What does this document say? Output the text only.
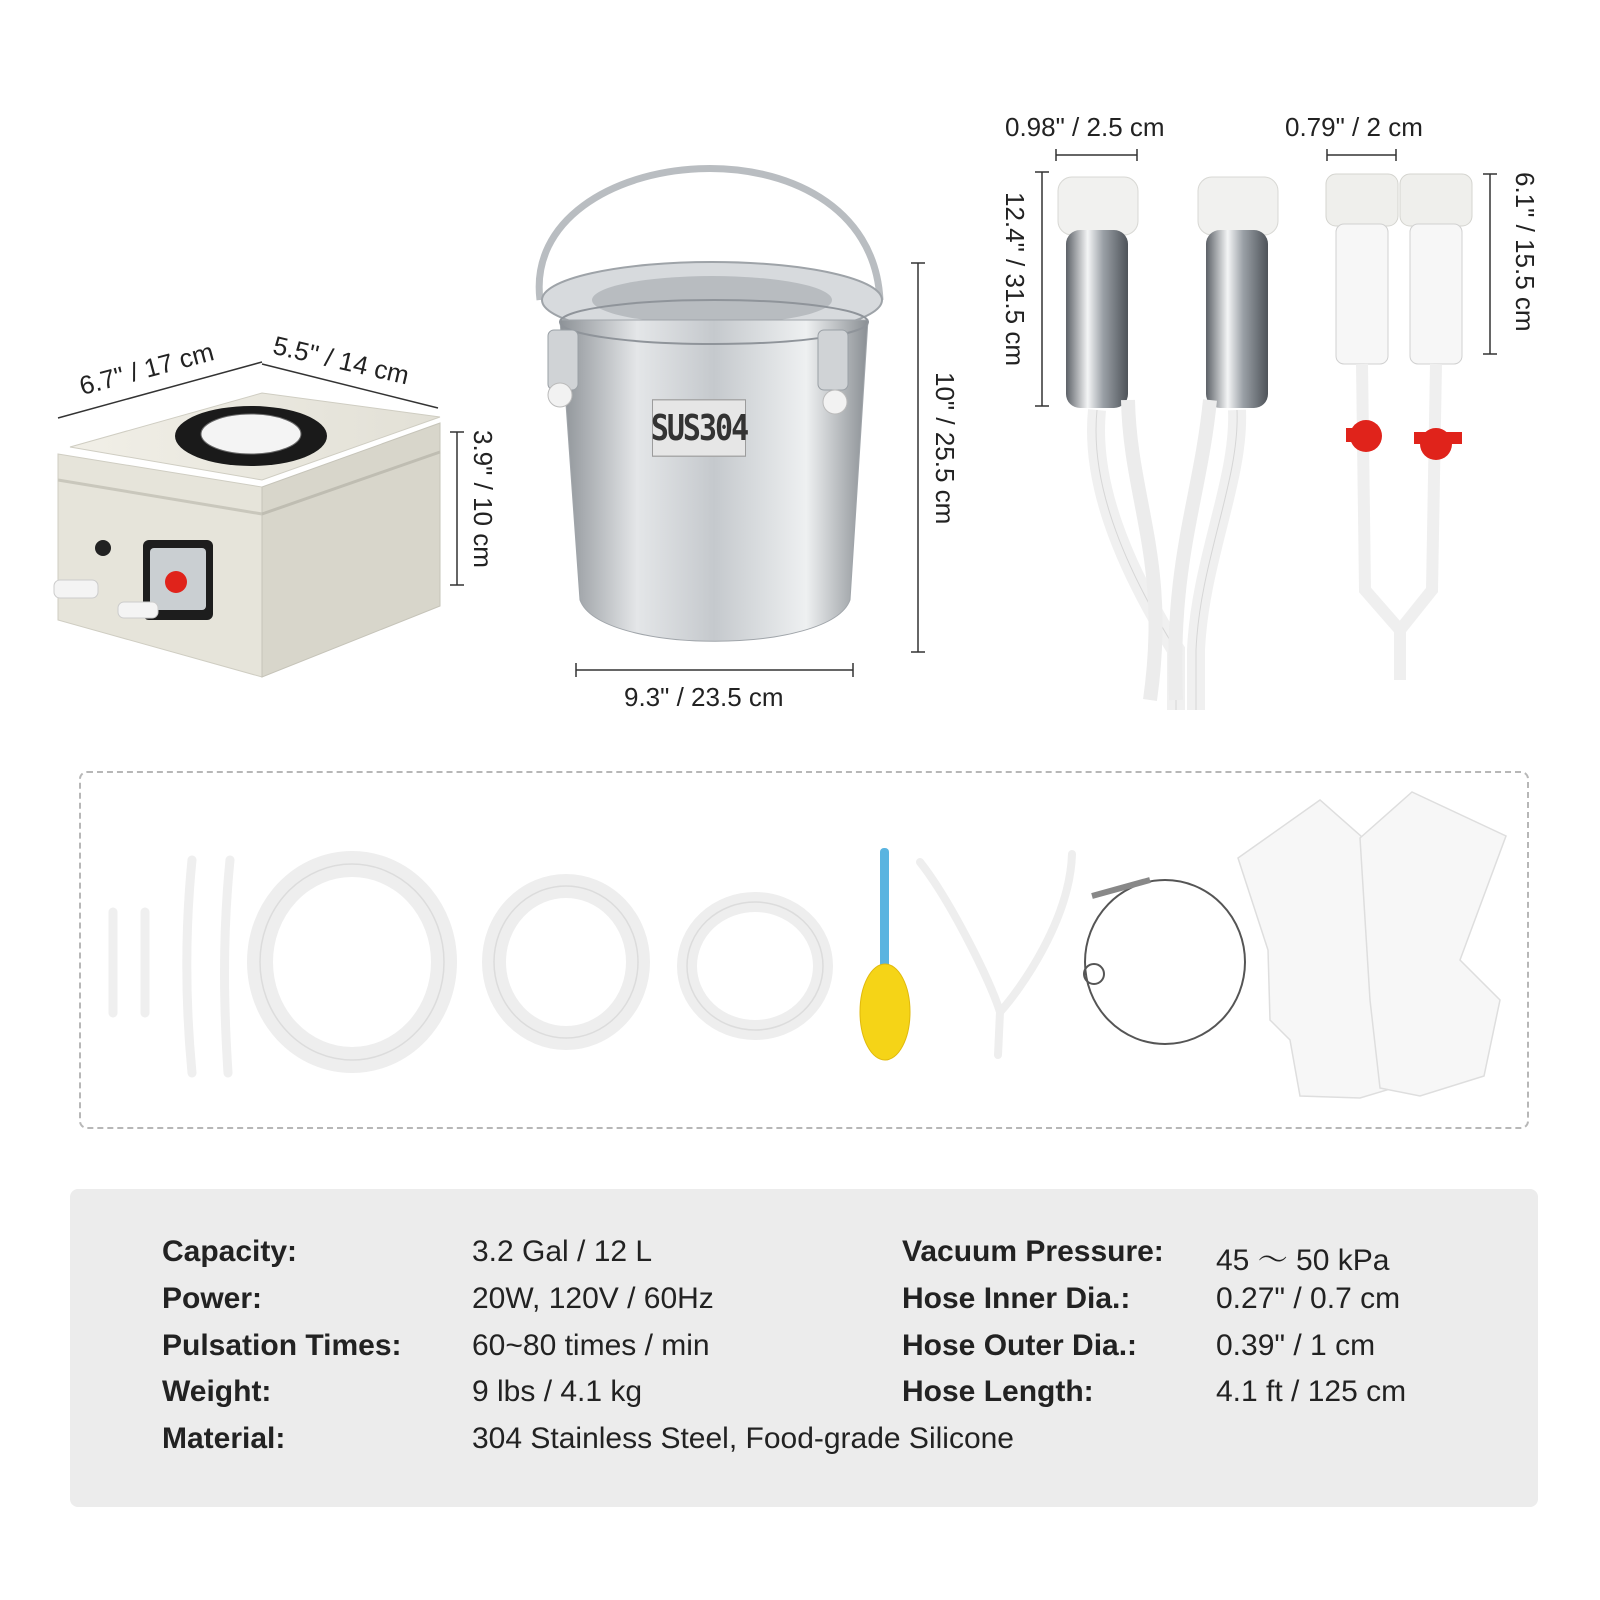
SUS304
6.7" / 17 cm 5.5'' / 14 cm
3.9" / 10 cm	10" / 25.5 cm
9.3" / 23.5 cm
0.98" / 2.5 cm
12.4" / 31.5 cm
0.79" / 2 cm
6.1" / 15.5 cm
Capacity:	3.2 Gal / 12 L
Power:	20W, 120V / 60Hz
Pulsation Times: 60~80 times / min
Weight:	9 lbs / 4.1 kg
Material:	304 Stainless Steel, Food-grade Silicone
Vacuum Pressure: 45 ～ 50 kPa
Hose Inner Dia.:	0.27" / 0.7 cm
Hose Outer Dia.:	0.39" / 1 cm
Hose Length:	4.1 ft / 125 cm
